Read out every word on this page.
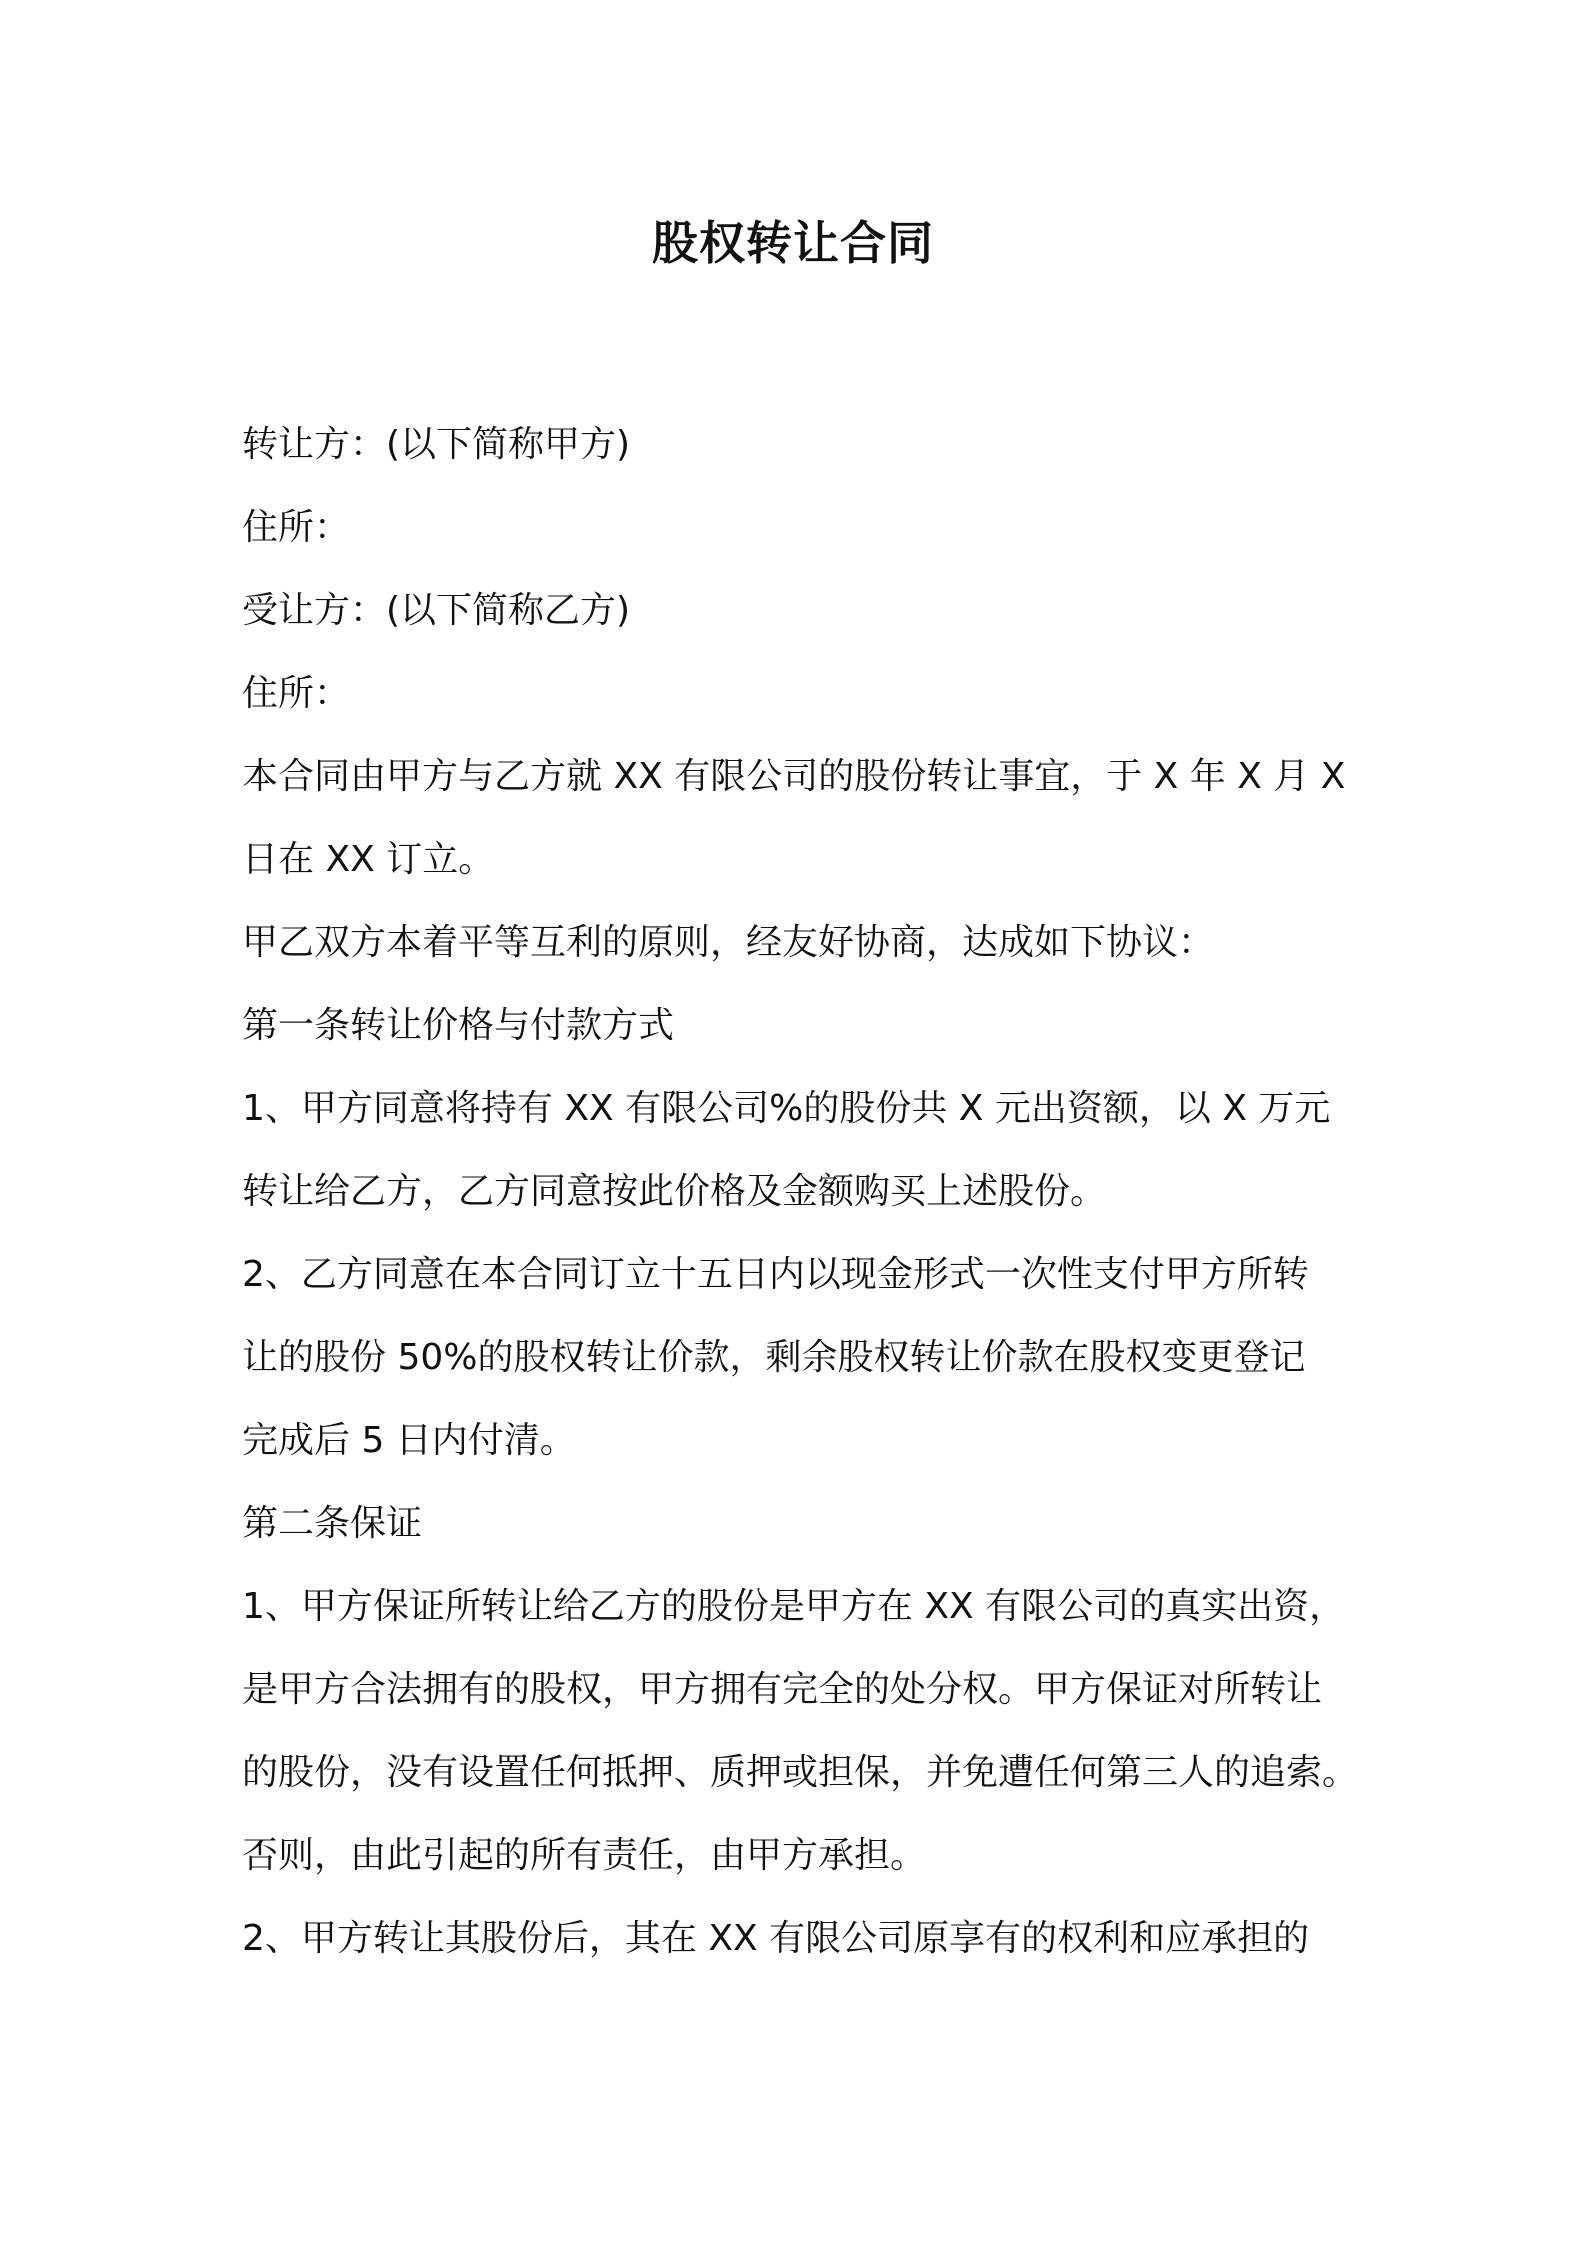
股权转让合同
转让方：(以下简称甲方)
住所：
受让方：(以下简称乙方)
住所：
本合同由甲方与乙方就 XX 有限公司的股份转让事宜，于 X 年 X 月 X
日在 XX 订立。
甲乙双方本着平等互利的原则，经友好协商，达成如下协议：
第一条转让价格与付款方式
1、甲方同意将持有 XX 有限公司%的股份共 X 元出资额，以 X 万元
转让给乙方，乙方同意按此价格及金额购买上述股份。
2、乙方同意在本合同订立十五日内以现金形式一次性支付甲方所转
让的股份 50%的股权转让价款，剩余股权转让价款在股权变更登记
完成后 5 日内付清。
第二条保证
1、甲方保证所转让给乙方的股份是甲方在 XX 有限公司的真实出资，
是甲方合法拥有的股权，甲方拥有完全的处分权。甲方保证对所转让
的股份，没有设置任何抵押、质押或担保，并免遭任何第三人的追索。
否则，由此引起的所有责任，由甲方承担。
2、甲方转让其股份后，其在 XX 有限公司原享有的权利和应承担的
